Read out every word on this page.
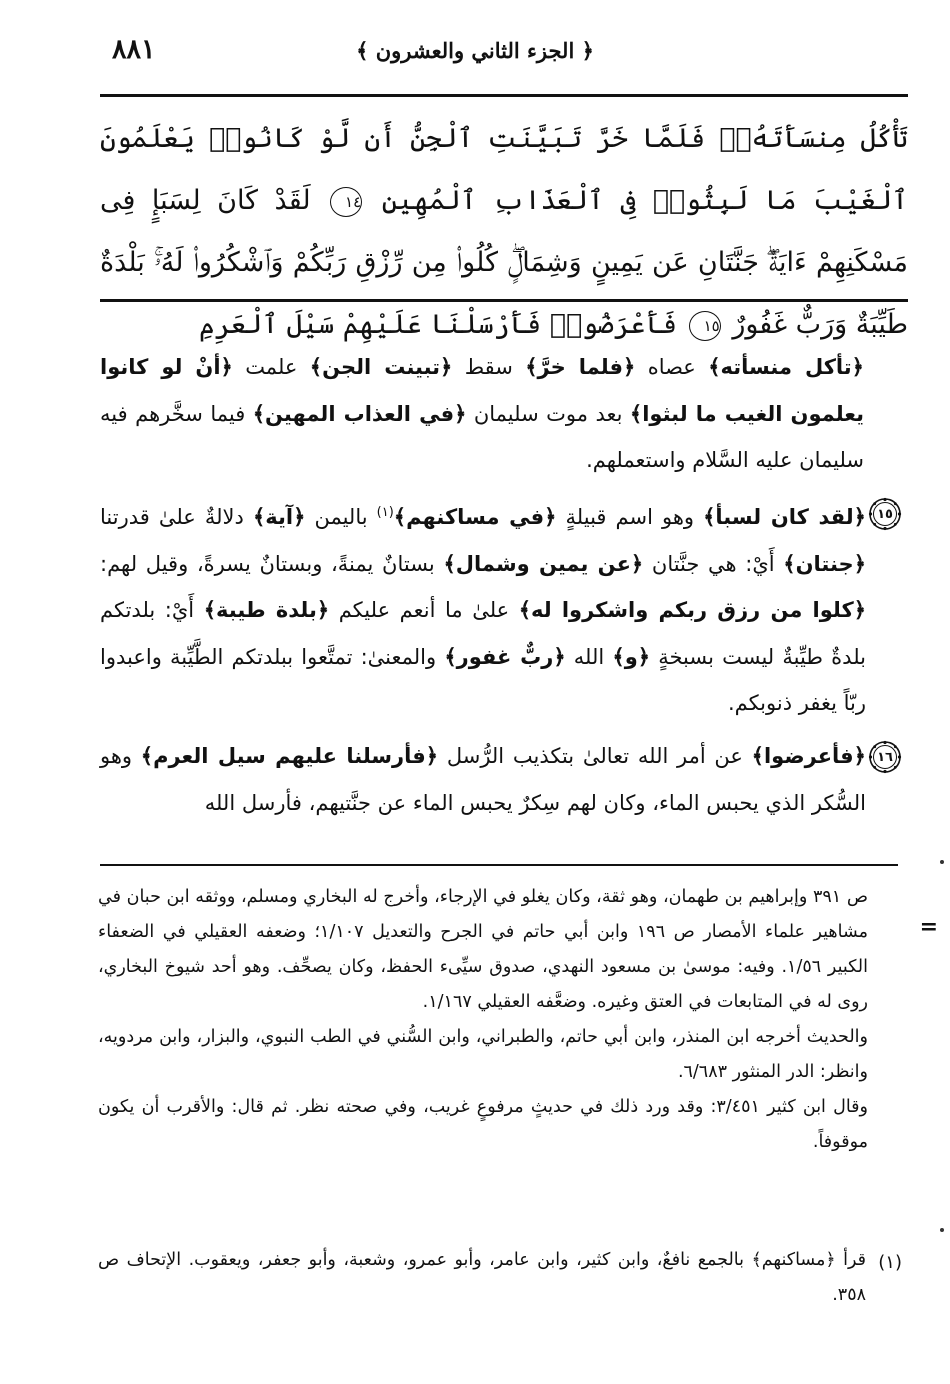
﴿ الجزء الثاني والعشرون ﴾
٨٨١
تَأْكُلُ مِنسَأَتَهُۥۖ فَلَمَّا خَرَّ تَبَيَّنَتِ ٱلْجِنُّ أَن لَّوْ كَانُوا۟ يَعْلَمُونَ ٱلْغَيْبَ مَا لَبِثُوا۟ فِى ٱلْعَذَابِ ٱلْمُهِينِ ١٤ لَقَدْ كَانَ لِسَبَإٍ فِى مَسْكَنِهِمْ ءَايَةٌۖ جَنَّتَانِ عَن يَمِينٍ وَشِمَالٍۖ كُلُوا۟ مِن رِّزْقِ رَبِّكُمْ وَٱشْكُرُوا۟ لَهُۥۚ بَلْدَةٌ طَيِّبَةٌ وَرَبٌّ غَفُورٌ ١٥ فَأَعْرَضُوا۟ فَأَرْسَلْنَا عَلَيْهِمْ سَيْلَ ٱلْعَرِمِ
﴿تأكل منسأته﴾ عصاه ﴿فلما خرَّ﴾ سقط ﴿تبينت الجن﴾ علمت ﴿أنْ لو كانوا يعلمون الغيب ما لبثوا﴾ بعد موت سليمان ﴿في العذاب المهين﴾ فيما سخَّرهم فيه سليمان عليه السَّلام واستعملهم.
١٥
﴿لقد كان لسبأ﴾ وهو اسم قبيلةٍ ﴿في مساكنهم﴾$^{(١)}$ باليمن ﴿آية﴾ دلالةٌ علىٰ قدرتنا ﴿جنتان﴾ أَيْ: هي جنَّتان ﴿عن يمين وشمال﴾ بستانٌ يمنةً، وبستانٌ يسرةً، وقيل لهم: ﴿كلوا من رزق ربكم واشكروا له﴾ علىٰ ما أنعم عليكم ﴿بلدة طيبة﴾ أَيْ: بلدتكم بلدةٌ طيِّبةٌ ليست بسبخةٍ ﴿و﴾ الله ﴿ربٌّ غفور﴾ والمعنىٰ: تمتَّعوا ببلدتكم الطَّيِّبة واعبدوا ربّاً يغفر ذنوبكم.
١٦
﴿فأعرضوا﴾ عن أمر الله تعالىٰ بتكذيب الرُّسل ﴿فأرسلنا عليهم سيل العرم﴾ وهو السُّكر الذي يحبس الماء، وكان لهم سِكرٌ يحبس الماء عن جنَّتيهم، فأرسل الله
=

ص ٣٩١ وإبراهيم بن طهمان، وهو ثقة، وكان يغلو في الإرجاء، وأخرج له البخاري ومسلم، ووثقه ابن حبان في مشاهير علماء الأمصار ص ١٩٦ وابن أبي حاتم في الجرح والتعديل ١/١٠٧؛ وضعفه العقيلي في الضعفاء الكبير ١/٥٦. وفيه: موسىٰ بن مسعود النهدي، صدوق سيِّىء الحفظ، وكان يصحِّف. وهو أحد شيوخ البخاري، روى له في المتابعات في العتق وغيره. وضعَّفه العقيلي ١/١٦٧.

والحديث أخرجه ابن المنذر، وابن أبي حاتم، والطبراني، وابن السُّني في الطب النبوي، والبزار، وابن مردويه، وانظر: الدر المنثور ٦/٦٨٣.

وقال ابن كثير ٣/٤٥١: وقد ورد ذلك في حديثٍ مرفوعٍ غريب، وفي صحته نظر. ثم قال: والأقرب أن يكون موقوفاً.

(١)
قرأ ﴿مساكنهم﴾ بالجمع نافعٌ، وابن كثير، وابن عامر، وأبو عمرو، وشعبة، وأبو جعفر، ويعقوب. الإتحاف ص ٣٥٨.
